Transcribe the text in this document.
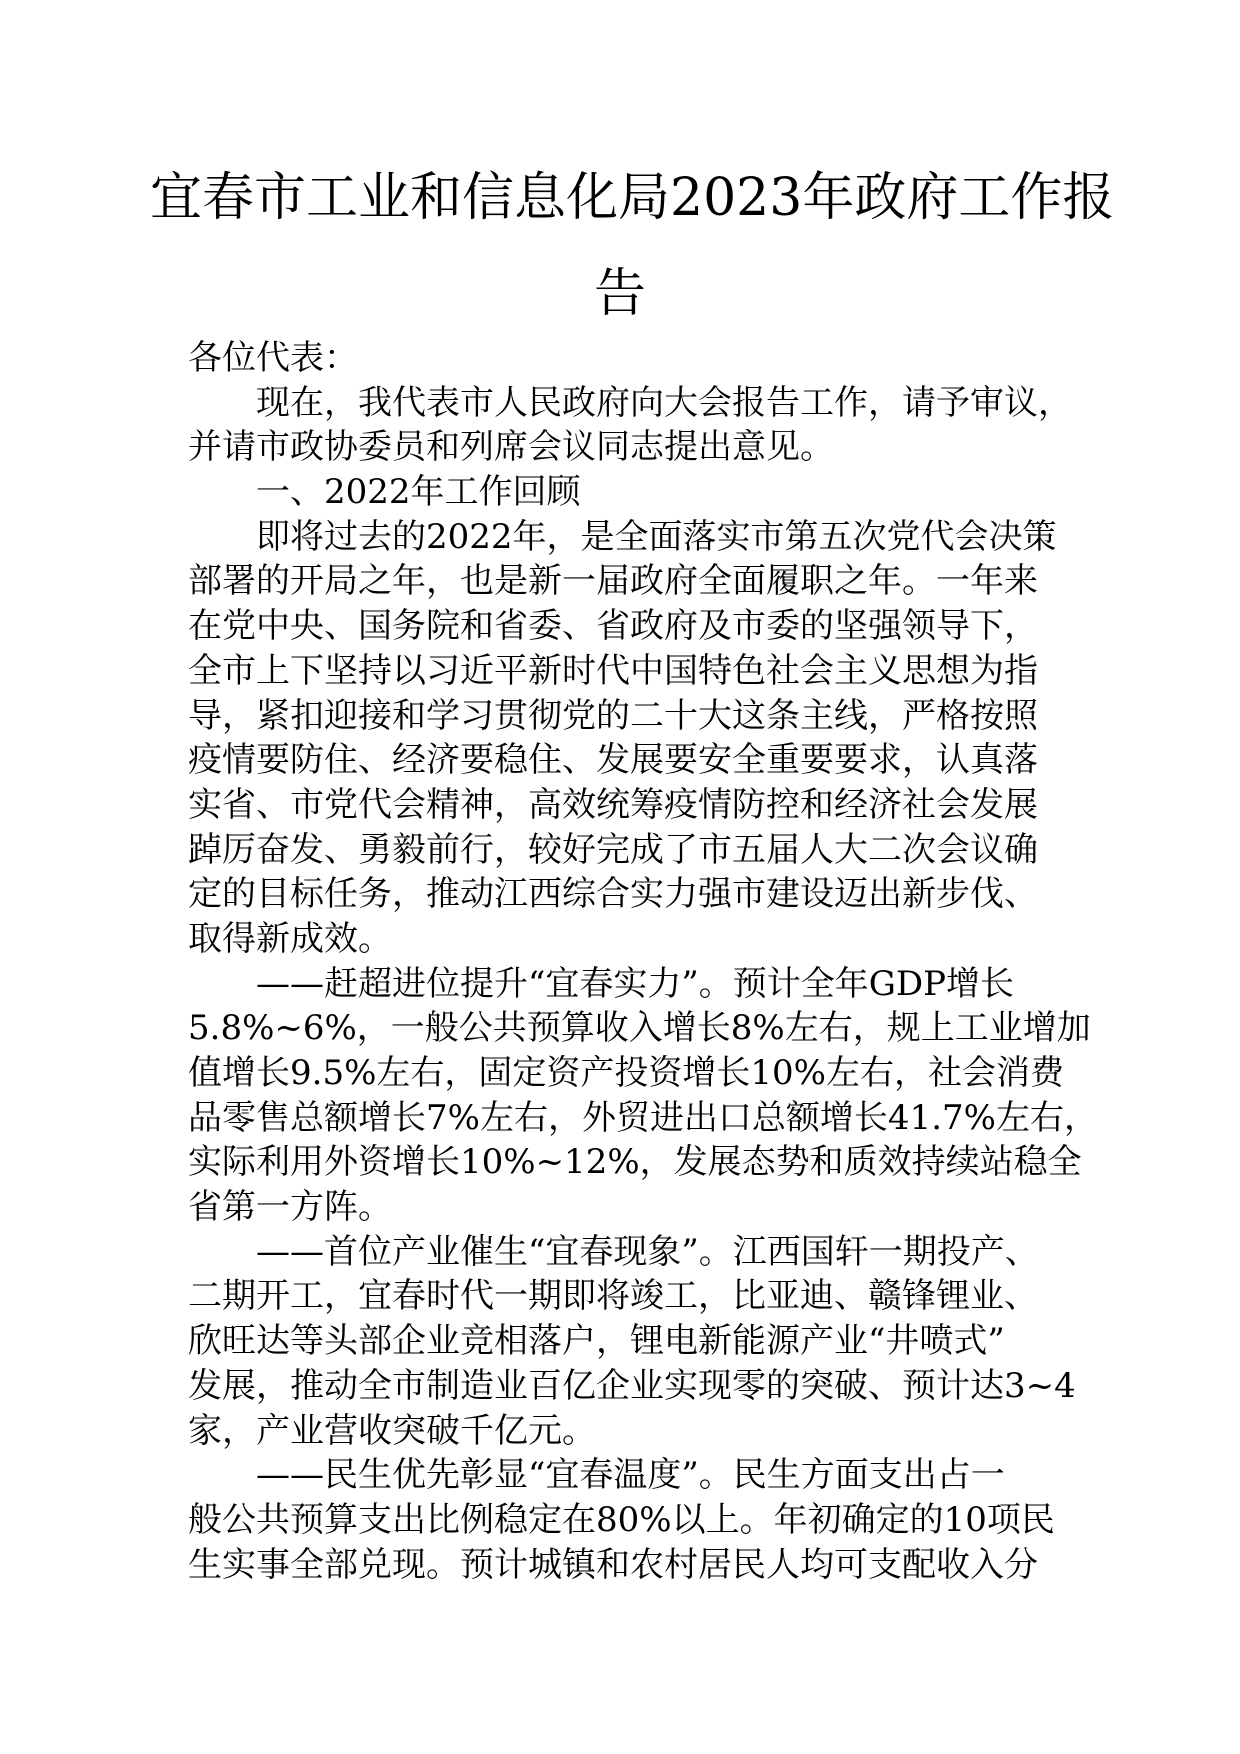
宜春市工业和信息化局2023年政府工作报
告
各位代表：
现在，我代表市人民政府向大会报告工作，请予审议，
并请市政协委员和列席会议同志提出意见。
一、2022年工作回顾
即将过去的2022年，是全面落实市第五次党代会决策
部署的开局之年，也是新一届政府全面履职之年。一年来
在党中央、国务院和省委、省政府及市委的坚强领导下，
全市上下坚持以习近平新时代中国特色社会主义思想为指
导，紧扣迎接和学习贯彻党的二十大这条主线，严格按照
疫情要防住、经济要稳住、发展要安全重要要求，认真落
实省、市党代会精神，高效统筹疫情防控和经济社会发展
踔厉奋发、勇毅前行，较好完成了市五届人大二次会议确
定的目标任务，推动江西综合实力强市建设迈出新步伐、
取得新成效。
——赶超进位提升“宜春实力”。预计全年GDP增长
5.8%~6%，一般公共预算收入增长8%左右，规上工业增加
值增长9.5%左右，固定资产投资增长10%左右，社会消费
品零售总额增长7%左右，外贸进出口总额增长41.7%左右，
实际利用外资增长10%~12%，发展态势和质效持续站稳全
省第一方阵。
——首位产业催生“宜春现象”。江西国轩一期投产、
二期开工，宜春时代一期即将竣工，比亚迪、赣锋锂业、
欣旺达等头部企业竞相落户，锂电新能源产业“井喷式”
发展，推动全市制造业百亿企业实现零的突破、预计达3~4
家，产业营收突破千亿元。
——民生优先彰显“宜春温度”。民生方面支出占一
般公共预算支出比例稳定在80%以上。年初确定的10项民
生实事全部兑现。预计城镇和农村居民人均可支配收入分
